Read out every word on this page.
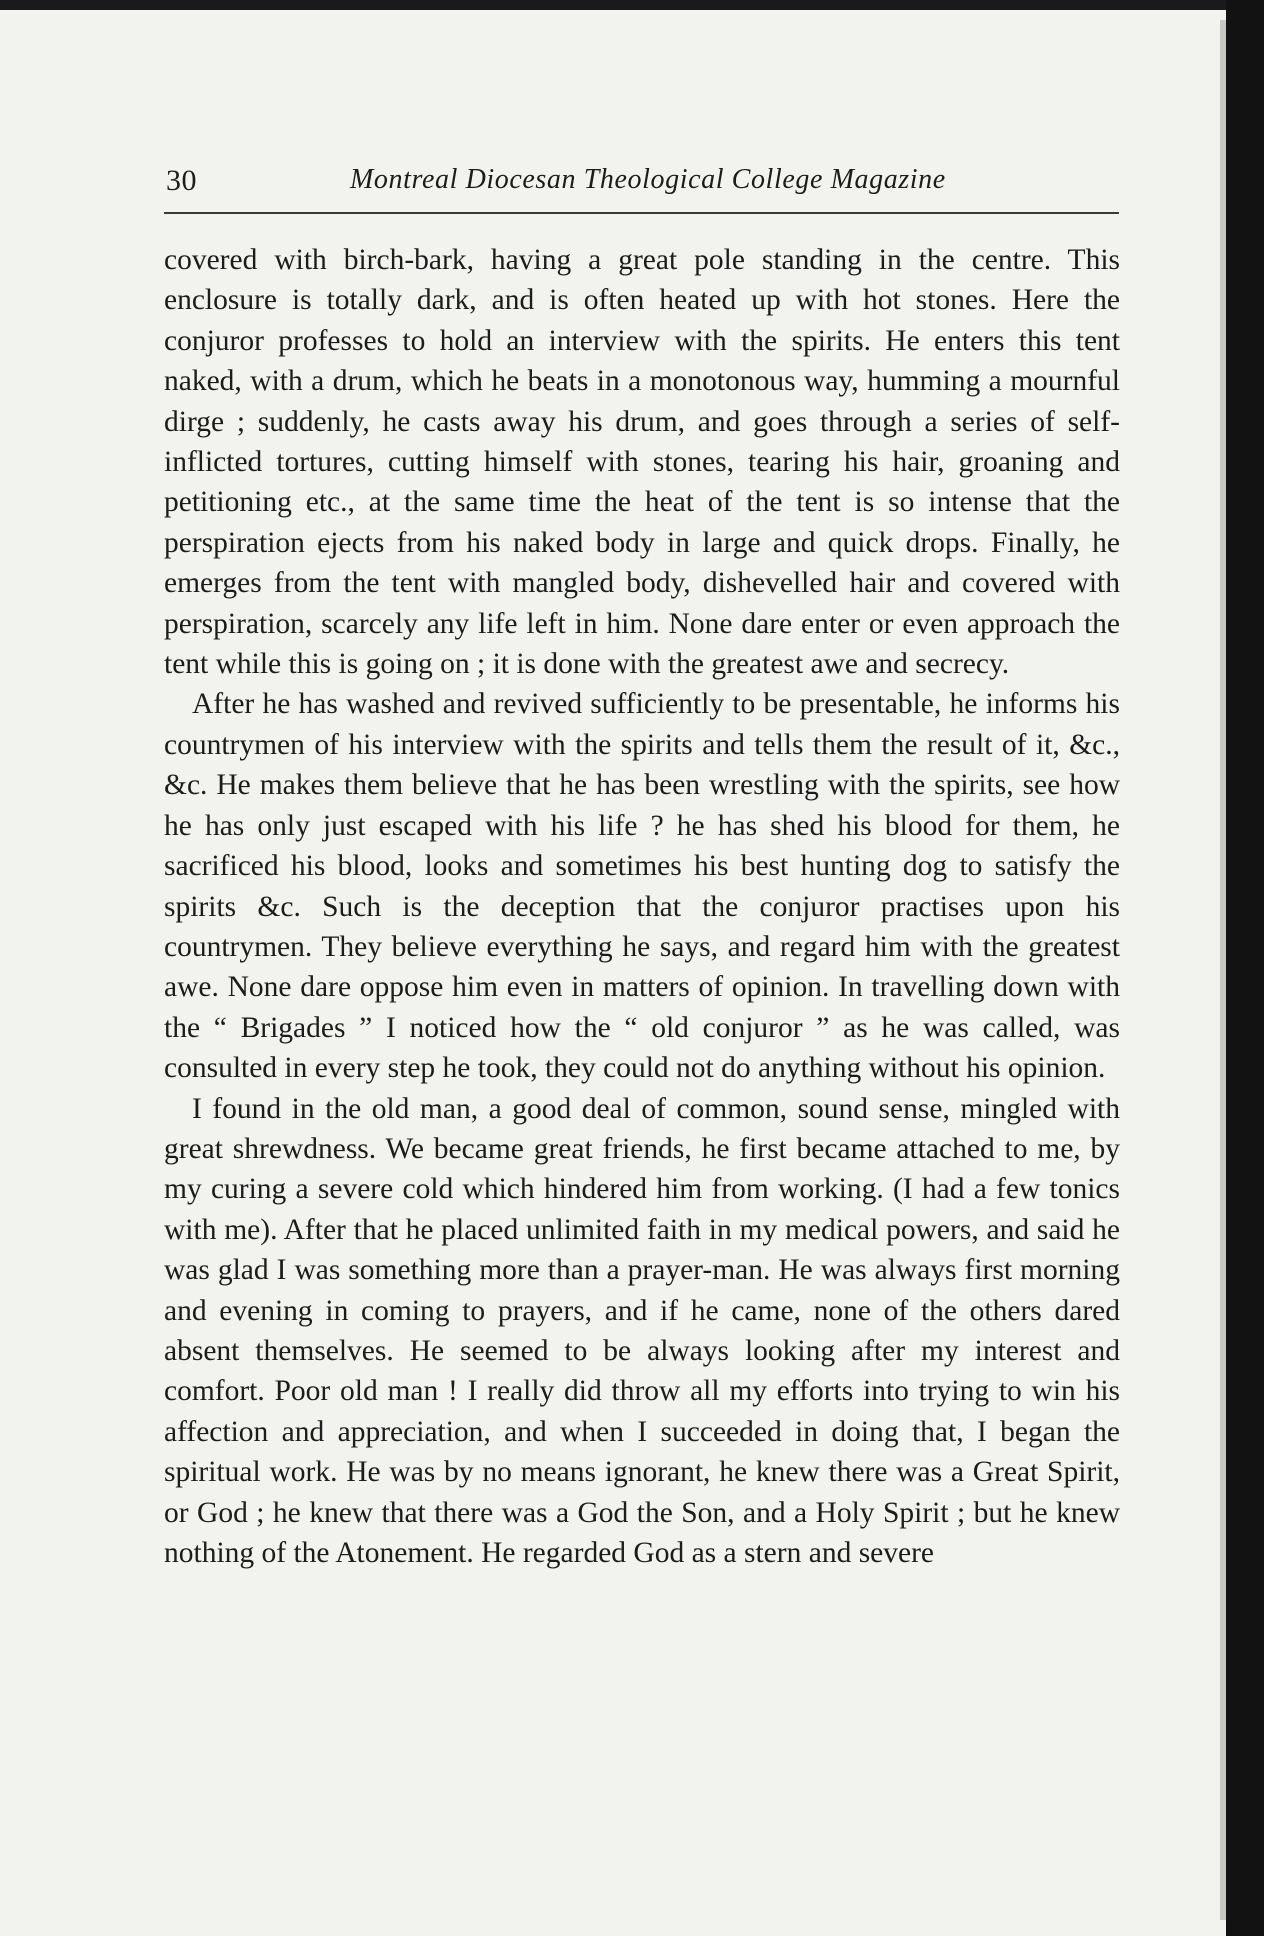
30	Montreal Diocesan Theological College Magazine

covered with birch-bark, having a great pole standing in the centre. This enclosure is totally dark, and is often heated up with hot stones. Here the conjuror professes to hold an interview with the spirits. He enters this tent naked, with a drum, which he beats in a monotonous way, humming a mournful dirge ; suddenly, he casts away his drum, and goes through a series of self-inflicted tortures, cutting himself with stones, tearing his hair, groaning and petitioning etc., at the same time the heat of the tent is so intense that the perspiration ejects from his naked body in large and quick drops. Finally, he emerges from the tent with mangled body, dishevelled hair and covered with perspiration, scarcely any life left in him. None dare enter or even approach the tent while this is going on ; it is done with the greatest awe and secrecy.

After he has washed and revived sufficiently to be presentable, he informs his countrymen of his interview with the spirits and tells them the result of it, &c., &c. He makes them believe that he has been wrestling with the spirits, see how he has only just escaped with his life ? he has shed his blood for them, he sacrificed his blood, looks and sometimes his best hunting dog to satisfy the spirits &c. Such is the deception that the conjuror practises upon his countrymen. They believe everything he says, and regard him with the greatest awe. None dare oppose him even in matters of opinion. In travelling down with the “ Brigades ” I noticed how the “ old conjuror ” as he was called, was consulted in every step he took, they could not do anything without his opinion.

I found in the old man, a good deal of common, sound sense, mingled with great shrewdness. We became great friends, he first became attached to me, by my curing a severe cold which hindered him from working. (I had a few tonics with me). After that he placed unlimited faith in my medical powers, and said he was glad I was something more than a prayer-man. He was always first morning and evening in coming to prayers, and if he came, none of the others dared absent themselves. He seemed to be always looking after my interest and comfort. Poor old man ! I really did throw all my efforts into trying to win his affection and appreciation, and when I succeeded in doing that, I began the spiritual work. He was by no means ignorant, he knew there was a Great Spirit, or God ; he knew that there was a God the Son, and a Holy Spirit ; but he knew nothing of the Atonement. He regarded God as a stern and severe
